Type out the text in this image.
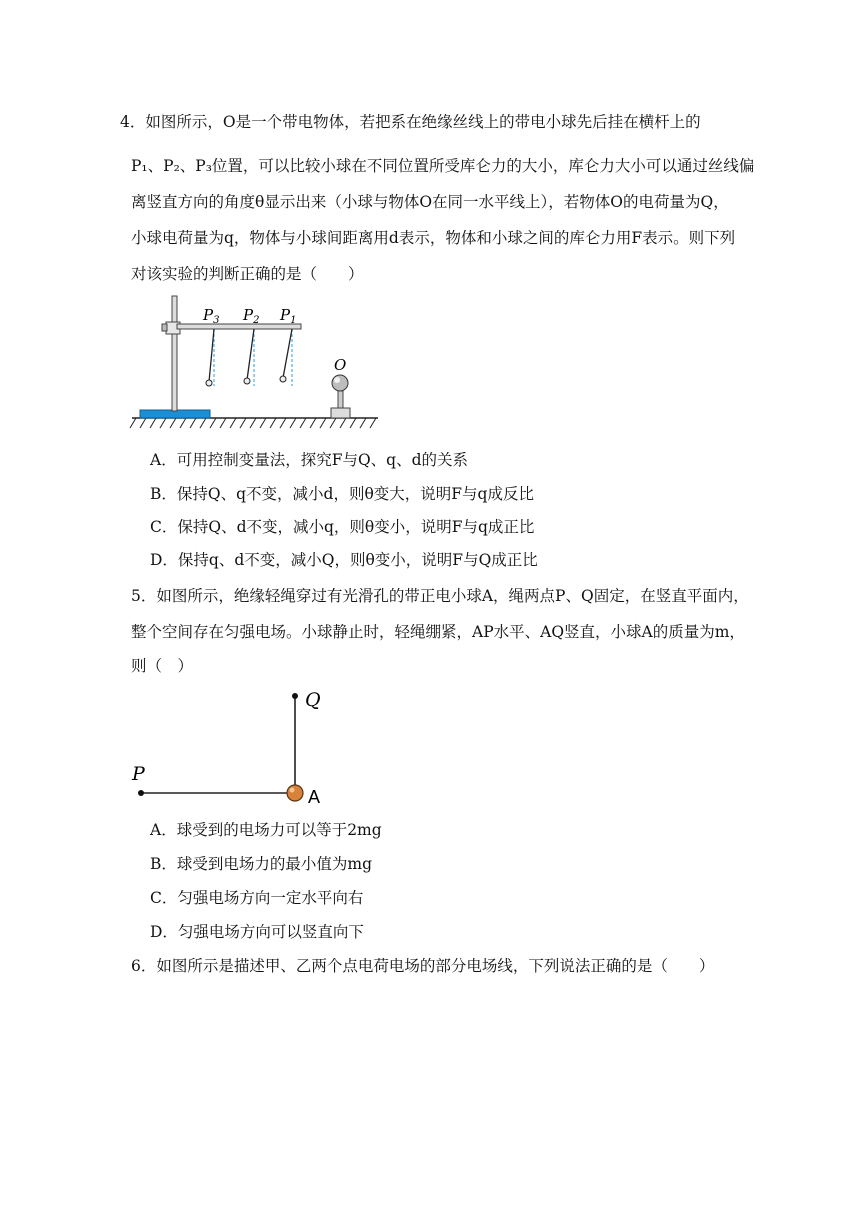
4．如图所示，O是一个带电物体，若把系在绝缘丝线上的带电小球先后挂在横杆上的
P₁、P₂、P₃位置，可以比较小球在不同位置所受库仑力的大小，库仑力大小可以通过丝线偏
离竖直方向的角度θ显示出来（小球与物体O在同一水平线上），若物体O的电荷量为Q，
小球电荷量为q，物体与小球间距离用d表示，物体和小球之间的库仑力用F表示。则下列
对该实验的判断正确的是（　　）
$P_3$ $P_2$ $P_1$
O
A．可用控制变量法，探究F与Q、q、d的关系
B．保持Q、q不变，减小d，则θ变大，说明F与q成反比
C．保持Q、d不变，减小q，则θ变小，说明F与q成正比
D．保持q、d不变，减小Q，则θ变小，说明F与Q成正比
5．如图所示，绝缘轻绳穿过有光滑孔的带正电小球A，绳两点P、Q固定，在竖直平面内，
整个空间存在匀强电场。小球静止时，轻绳绷紧，AP水平、AQ竖直，小球A的质量为m，
则（　）
Q
P
A
A．球受到的电场力可以等于2mg
B．球受到电场力的最小值为mg
C．匀强电场方向一定水平向右
D．匀强电场方向可以竖直向下
6．如图所示是描述甲、乙两个点电荷电场的部分电场线，下列说法正确的是（　　）
